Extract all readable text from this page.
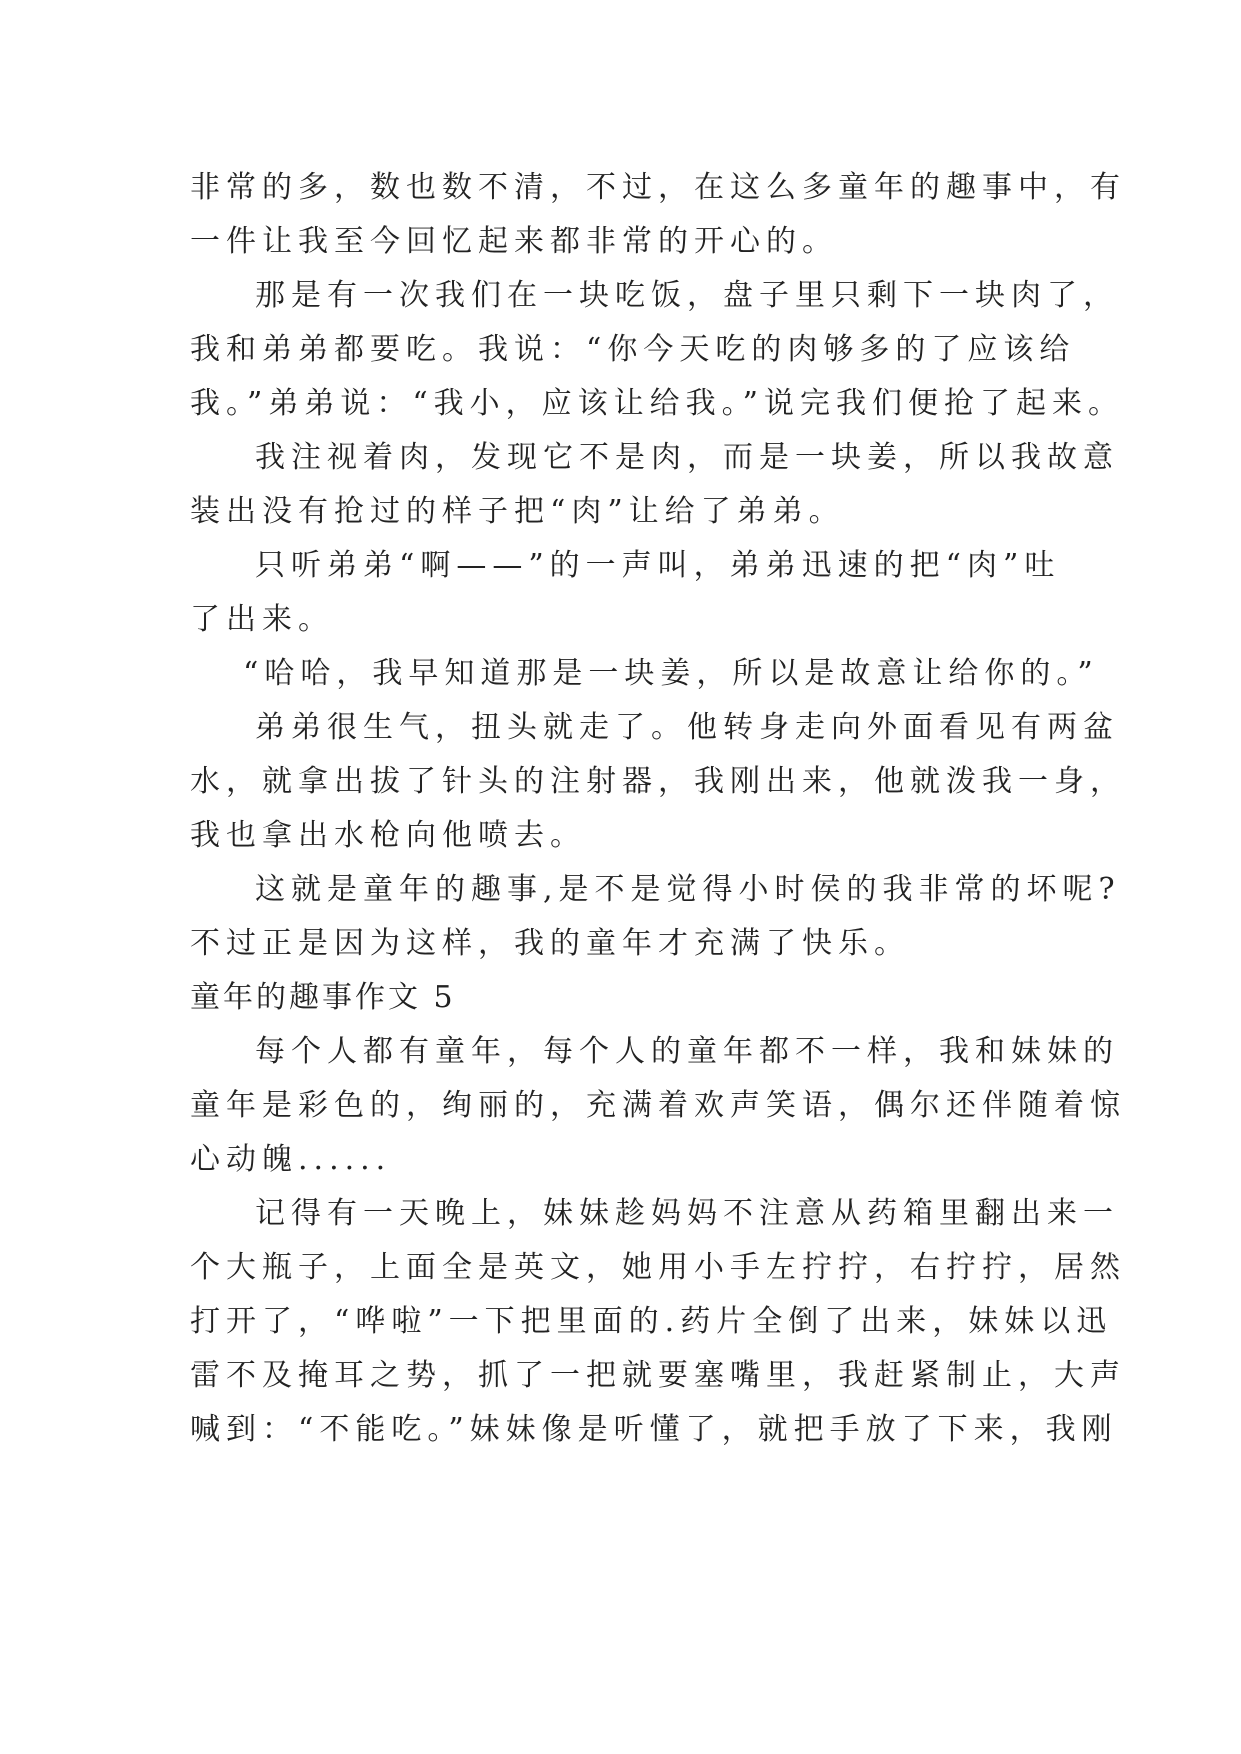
非常的多，数也数不清，不过，在这么多童年的趣事中，有
一件让我至今回忆起来都非常的开心的。
那是有一次我们在一块吃饭，盘子里只剩下一块肉了，
我和弟弟都要吃。我说：“你今天吃的肉够多的了应该给
我。”弟弟说：“我小，应该让给我。”说完我们便抢了起来。
我注视着肉，发现它不是肉，而是一块姜，所以我故意
装出没有抢过的样子把“肉”让给了弟弟。
只听弟弟“啊——”的一声叫，弟弟迅速的把“肉”吐
了出来。
“哈哈，我早知道那是一块姜，所以是故意让给你的。”
弟弟很生气，扭头就走了。他转身走向外面看见有两盆
水，就拿出拔了针头的注射器，我刚出来，他就泼我一身，
我也拿出水枪向他喷去。
这就是童年的趣事,是不是觉得小时侯的我非常的坏呢?
不过正是因为这样，我的童年才充满了快乐。
童年的趣事作文 5
每个人都有童年，每个人的童年都不一样，我和妹妹的
童年是彩色的，绚丽的，充满着欢声笑语，偶尔还伴随着惊
心动魄......
记得有一天晚上，妹妹趁妈妈不注意从药箱里翻出来一
个大瓶子，上面全是英文，她用小手左拧拧，右拧拧，居然
打开了，“哗啦”一下把里面的.药片全倒了出来，妹妹以迅
雷不及掩耳之势，抓了一把就要塞嘴里，我赶紧制止，大声
喊到：“不能吃。”妹妹像是听懂了，就把手放了下来，我刚
